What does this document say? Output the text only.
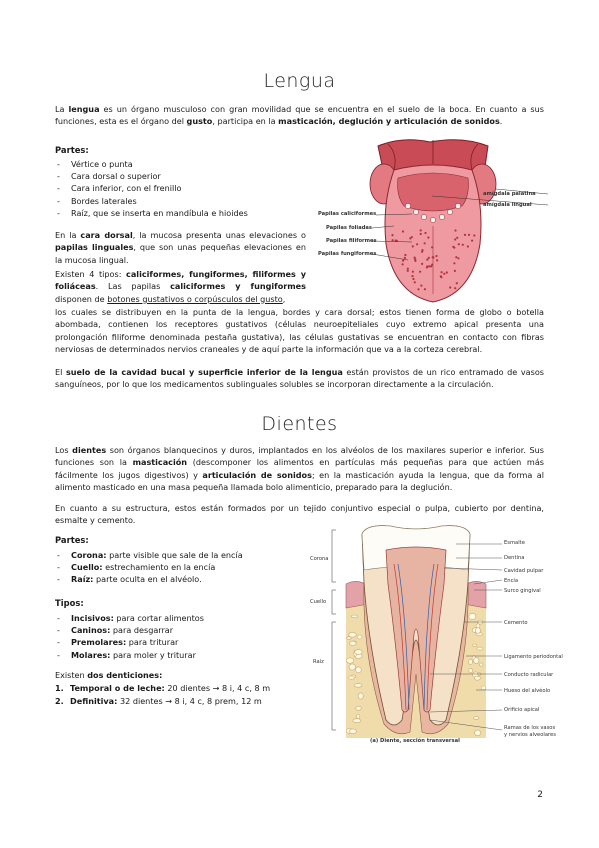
Lengua
La lengua es un órgano musculoso con gran movilidad que se encuentra en el suelo de la boca. En cuanto a sus funciones, esta es el órgano del gusto, participa en la masticación, deglución y articulación de sonidos.
Partes:
- Vértice o punta
- Cara dorsal o superior
- Cara inferior, con el frenillo
- Bordes laterales
- Raíz, que se inserta en mandíbula e hioides
En la cara dorsal, la mucosa presenta unas elevaciones o papilas linguales, que son unas pequeñas elevaciones en la mucosa lingual.
Existen 4 tipos: caliciformes, fungiformes, filiformes y foliáceas. Las papilas caliciformes y fungiformes disponen de botones gustativos o corpúsculos del gusto,
los cuales se distribuyen en la punta de la lengua, bordes y cara dorsal; estos tienen forma de globo o botella abombada, contienen los receptores gustativos (células neuroepiteliales cuyo extremo apical presenta una prolongación filiforme denominada pestaña gustativa), las células gustativas se encuentran en contacto con fibras nerviosas de determinados nervios craneales y de aquí parte la información que va a la corteza cerebral.
El suelo de la cavidad bucal y superficie inferior de la lengua están provistos de un rico entramado de vasos sanguíneos, por lo que los medicamentos sublinguales solubles se incorporan directamente a la circulación.
amígdala palatina
amígdala lingual
Papilas caliciformes
Papilas foliadas
Papilas filiformes
Papilas fungiformes
Dientes
Los dientes son órganos blanquecinos y duros, implantados en los alvéolos de los maxilares superior e inferior. Sus funciones son la masticación (descomponer los alimentos en partículas más pequeñas para que actúen más fácilmente los jugos digestivos) y articulación de sonidos; en la masticación ayuda la lengua, que da forma al alimento masticado en una masa pequeña llamada bolo alimenticio, preparado para la deglución.
En cuanto a su estructura, estos están formados por un tejido conjuntivo especial o pulpa, cubierto por dentina, esmalte y cemento.
Partes:
- Corona: parte visible que sale de la encía
- Cuello: estrechamiento en la encía
- Raíz: parte oculta en el alvéolo.
Tipos:
- Incisivos: para cortar alimentos
- Caninos: para desgarrar
- Premolares: para triturar
- Molares: para moler y triturar
Existen dos denticiones:
1. Temporal o de leche: 20 dientes → 8 i, 4 c, 8 m
2. Definitiva: 32 dientes → 8 i, 4 c, 8 prem, 12 m
Corona
Cuello
Raíz
Esmalte
Dentina
Cavidad pulpar
Encía
Surco gingival
Cemento
Ligamento periodontal
Conducto radicular
Hueso del alvéolo
Orificio apical
Ramas de los vasos
y nervios alveolares
(a) Diente, sección transversal
2
